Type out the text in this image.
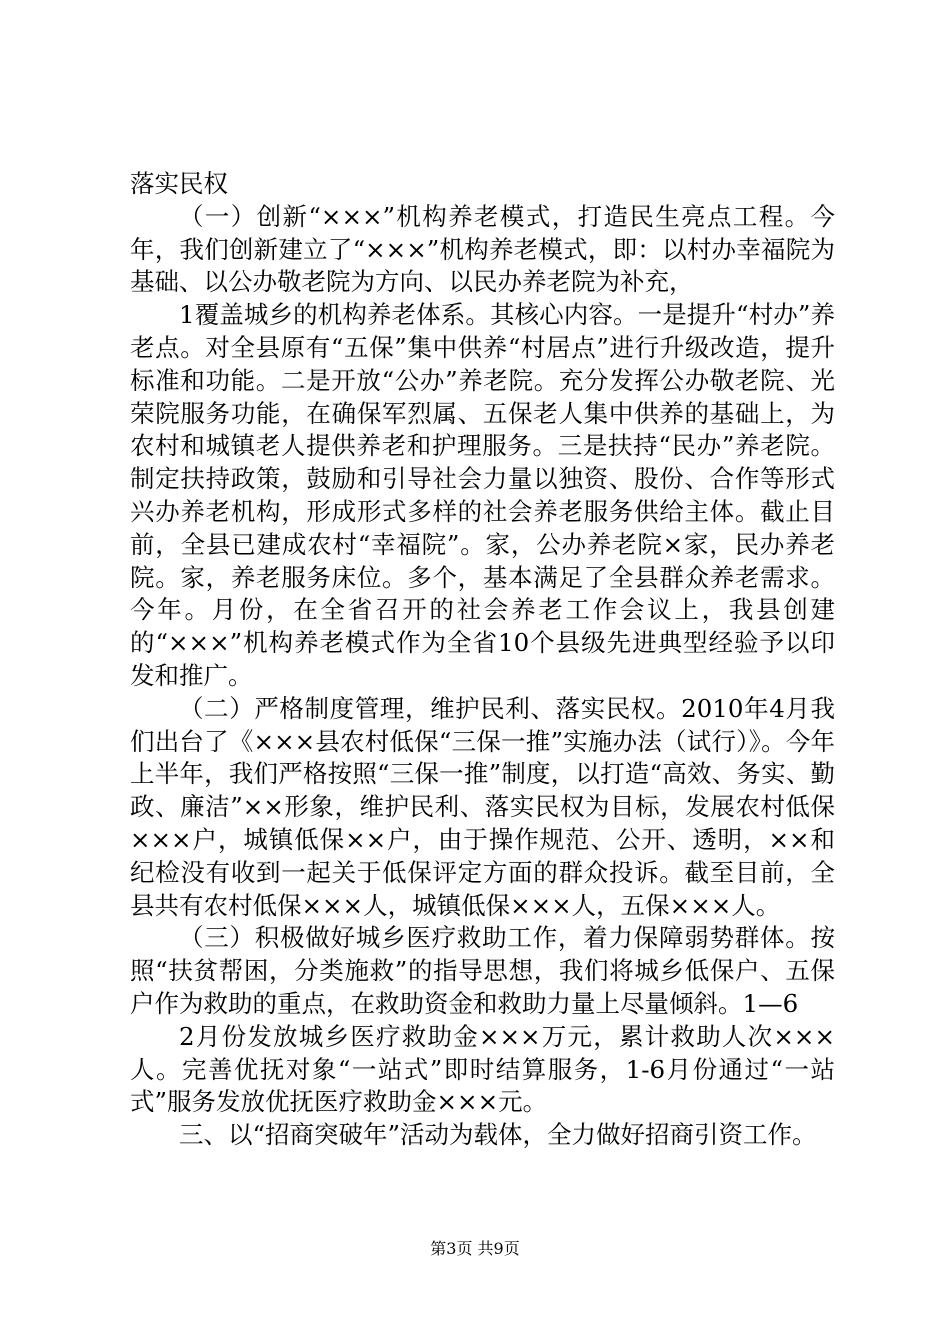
落实民权

（一）创新“×××”机构养老模式，打造民生亮点工程。今年，我们创新建立了“×××”机构养老模式，即：以村办幸福院为基础、以公办敬老院为方向、以民办养老院为补充，

1覆盖城乡的机构养老体系。其核心内容。一是提升“村办”养老点。对全县原有“五保”集中供养“村居点”进行升级改造，提升标准和功能。二是开放“公办”养老院。充分发挥公办敬老院、光荣院服务功能，在确保军烈属、五保老人集中供养的基础上，为农村和城镇老人提供养老和护理服务。三是扶持“民办”养老院。制定扶持政策，鼓励和引导社会力量以独资、股份、合作等形式兴办养老机构，形成形式多样的社会养老服务供给主体。截止目前，全县已建成农村“幸福院”。家，公办养老院×家，民办养老院。家，养老服务床位。多个，基本满足了全县群众养老需求。今年。月份，在全省召开的社会养老工作会议上，我县创建的“×××”机构养老模式作为全省10个县级先进典型经验予以印发和推广。

（二）严格制度管理，维护民利、落实民权。2010年4月我们出台了《×××县农村低保“三保一推”实施办法（试行）》。今年上半年，我们严格按照“三保一推”制度，以打造“高效、务实、勤政、廉洁”××形象，维护民利、落实民权为目标，发展农村低保×××户，城镇低保××户，由于操作规范、公开、透明，××和纪检没有收到一起关于低保评定方面的群众投诉。截至目前，全县共有农村低保×××人，城镇低保×××人，五保×××人。

（三）积极做好城乡医疗救助工作，着力保障弱势群体。按照“扶贫帮困，分类施救”的指导思想，我们将城乡低保户、五保户作为救助的重点，在救助资金和救助力量上尽量倾斜。1—6

2月份发放城乡医疗救助金×××万元，累计救助人次×××人。完善优抚对象“一站式”即时结算服务，1-6月份通过“一站式”服务发放优抚医疗救助金×××元。

三、以“招商突破年”活动为载体，全力做好招商引资工作。

第3页 共9页
